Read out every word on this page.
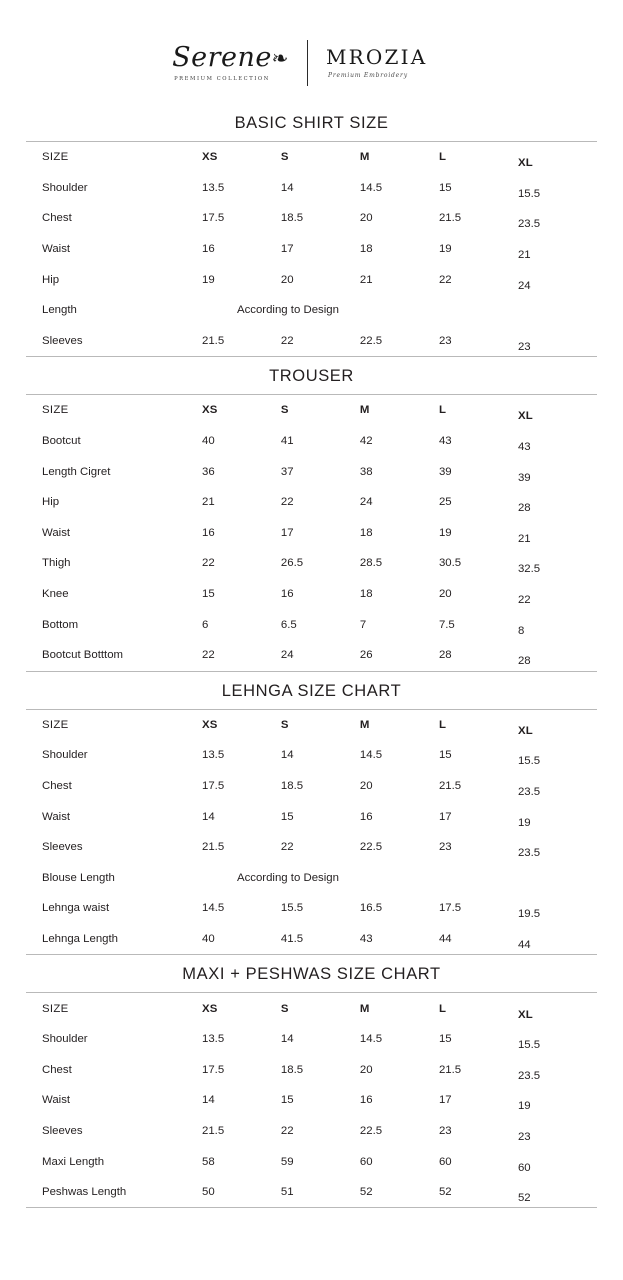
Serene ❧
PREMIUM COLLECTION
MROZIA
Premium Embroidery
BASIC SHIRT SIZE
SIZE	XS	S	M	L	XL
Shoulder	13.5	14	14.5	15	15.5
Chest	17.5	18.5	20	21.5	23.5
Waist	16	17	18	19	21
Hip	19	20	21	22	24
Length	According to Design				
Sleeves	21.5	22	22.5	23	23
TROUSER
SIZE	XS	S	M	L	XL
Bootcut	40	41	42	43	43
Length Cigret	36	37	38	39	39
Hip	21	22	24	25	28
Waist	16	17	18	19	21
Thigh	22	26.5	28.5	30.5	32.5
Knee	15	16	18	20	22
Bottom	6	6.5	7	7.5	8
Bootcut Botttom	22	24	26	28	28
LEHNGA SIZE CHART
SIZE	XS	S	M	L	XL
Shoulder	13.5	14	14.5	15	15.5
Chest	17.5	18.5	20	21.5	23.5
Waist	14	15	16	17	19
Sleeves	21.5	22	22.5	23	23.5
Blouse Length	According to Design				
Lehnga waist	14.5	15.5	16.5	17.5	19.5
Lehnga Length	40	41.5	43	44	44
MAXI + PESHWAS SIZE CHART
SIZE	XS	S	M	L	XL
Shoulder	13.5	14	14.5	15	15.5
Chest	17.5	18.5	20	21.5	23.5
Waist	14	15	16	17	19
Sleeves	21.5	22	22.5	23	23
Maxi Length	58	59	60	60	60
Peshwas Length	50	51	52	52	52
